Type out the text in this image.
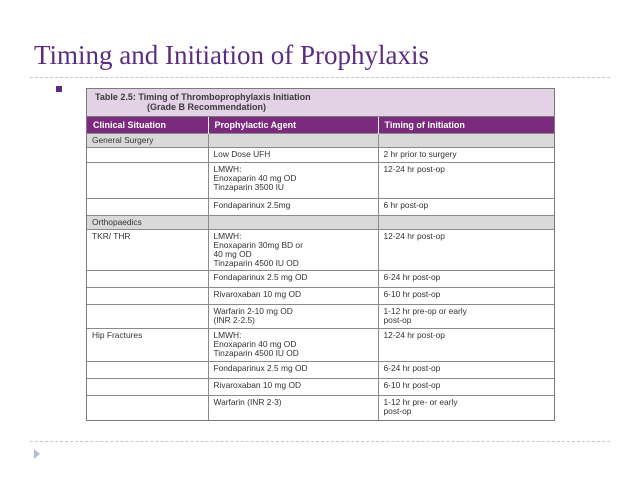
Timing and Initiation of Prophylaxis
Table 2.5: Timing of Thromboprophylaxis Initiation
(Grade B Recommendation)
Clinical Situation	Prophylactic Agent	Timing of Initiation
General Surgery		
	Low Dose UFH	2 hr prior to surgery
	LMWH:
Enoxaparin 40 mg OD
Tinzaparin 3500 IU	12-24 hr post-op
	Fondaparinux 2.5mg	6 hr post-op
Orthopaedics		
TKR/ THR	LMWH:
Enoxaparin 30mg BD or
40 mg OD
Tinzaparin 4500 IU OD	12-24 hr post-op
	Fondaparinux 2.5 mg OD	6-24 hr post-op
	Rivaroxaban 10 mg OD	6-10 hr post-op
	Warfarin 2-10 mg OD
(INR 2-2.5)	1-12 hr pre-op or early
post-op
Hip Fractures	LMWH:
Enoxaparin 40 mg OD
Tinzaparin 4500 IU OD	12-24 hr post-op
	Fondaparinux 2.5 mg OD	6-24 hr post-op
	Rivaroxaban 10 mg OD	6-10 hr post-op
	Warfarin (INR 2-3)	1-12 hr pre- or early
post-op
